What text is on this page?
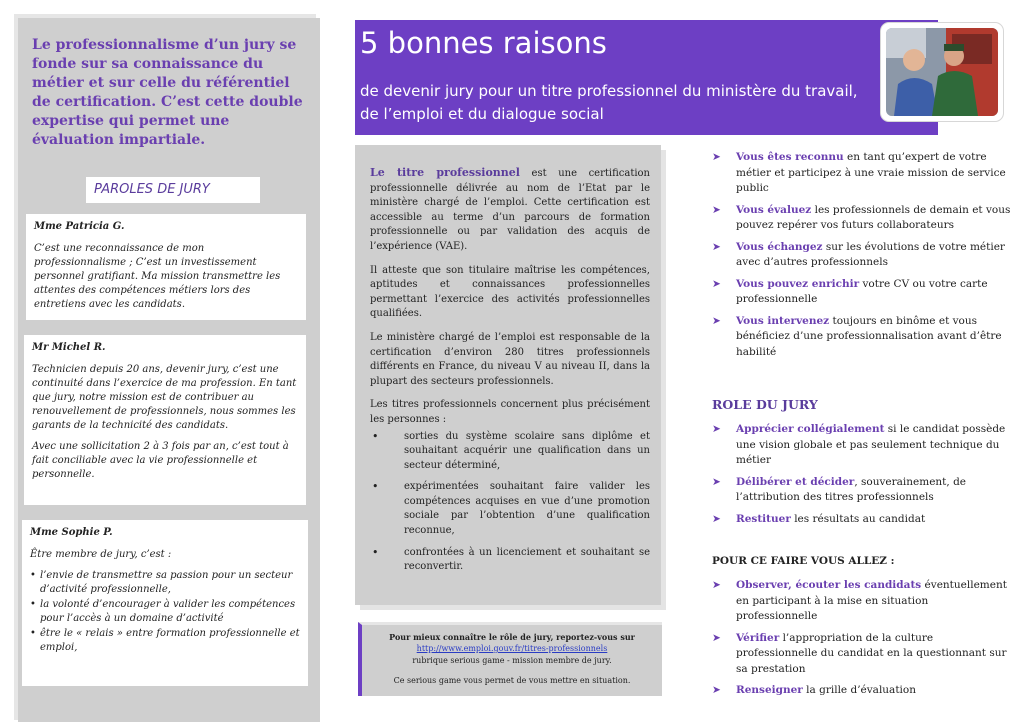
Le professionnalisme d’un jury se fonde sur sa connaissance du métier et sur celle du référentiel de certification. C’est cette double expertise qui permet une évaluation impartiale.
PAROLES DE JURY
Mme Patricia G.

C’est une reconnaissance de mon professionnalisme ; C’est un investissement personnel gratifiant. Ma mission transmettre les attentes des compétences métiers lors des entretiens avec les candidats.

Mr Michel R.

Technicien depuis 20 ans, devenir jury, c’est une continuité dans l’exercice de ma profession. En tant que jury, notre mission est de contribuer au renouvellement de professionnels, nous sommes les garants de la technicité des candidats.

Avec une sollicitation 2 à 3 fois par an, c’est tout à fait conciliable avec la vie professionnelle et personnelle.

Mme Sophie P.

Être membre de jury, c’est :

• l’envie de transmettre sa passion pour un secteur d’activité professionnelle,
• la volonté d’encourager à valider les compétences pour l’accès à un domaine d’activité
• être le « relais » entre formation professionnelle et emploi,
5 bonnes raisons
de devenir jury pour un titre professionnel du ministère du travail, de l’emploi et du dialogue social

Le titre professionnel est une certification professionnelle délivrée au nom de l’Etat par le ministère chargé de l’emploi. Cette certification est accessible au terme d’un parcours de formation professionnelle ou par validation des acquis de l’expérience (VAE).

Il atteste que son titulaire maîtrise les compétences, aptitudes et connaissances professionnelles permettant l’exercice des activités professionnelles qualifiées.

Le ministère chargé de l’emploi est responsable de la certification d’environ 280 titres professionnels différents en France, du niveau V au niveau II, dans la plupart des secteurs professionnels.

Les titres professionnels concernent plus précisément les personnes :

• sorties du système scolaire sans diplôme et souhaitant acquérir une qualification dans un secteur déterminé,
• expérimentées souhaitant faire valider les compétences acquises en vue d’une promotion sociale par l’obtention d’une qualification reconnue,
• confrontées à un licenciement et souhaitant se reconvertir.
Pour mieux connaître le rôle de jury, reportez-vous sur
http://www.emploi.gouv.fr/titres-professionnels
rubrique serious game - mission membre de jury.
Ce serious game vous permet de vous mettre en situation.
➤ Vous êtes reconnu en tant qu’expert de votre métier et participez à une vraie mission de service public
➤ Vous évaluez les professionnels de demain et vous pouvez repérer vos futurs collaborateurs
➤ Vous échangez sur les évolutions de votre métier avec d’autres professionnels
➤ Vous pouvez enrichir votre CV ou votre carte professionnelle
➤ Vous intervenez toujours en binôme et vous bénéficiez d’une professionnalisation avant d’être habilité
ROLE DU JURY
➤ Apprécier collégialement si le candidat possède une vision globale et pas seulement technique du métier
➤ Délibérer et décider, souverainement, de l’attribution des titres professionnels
➤ Restituer les résultats au candidat
POUR CE FAIRE VOUS ALLEZ :
➤ Observer, écouter les candidats éventuellement en participant à la mise en situation professionnelle
➤ Vérifier l’appropriation de la culture professionnelle du candidat en la questionnant sur sa prestation
➤ Renseigner la grille d’évaluation
